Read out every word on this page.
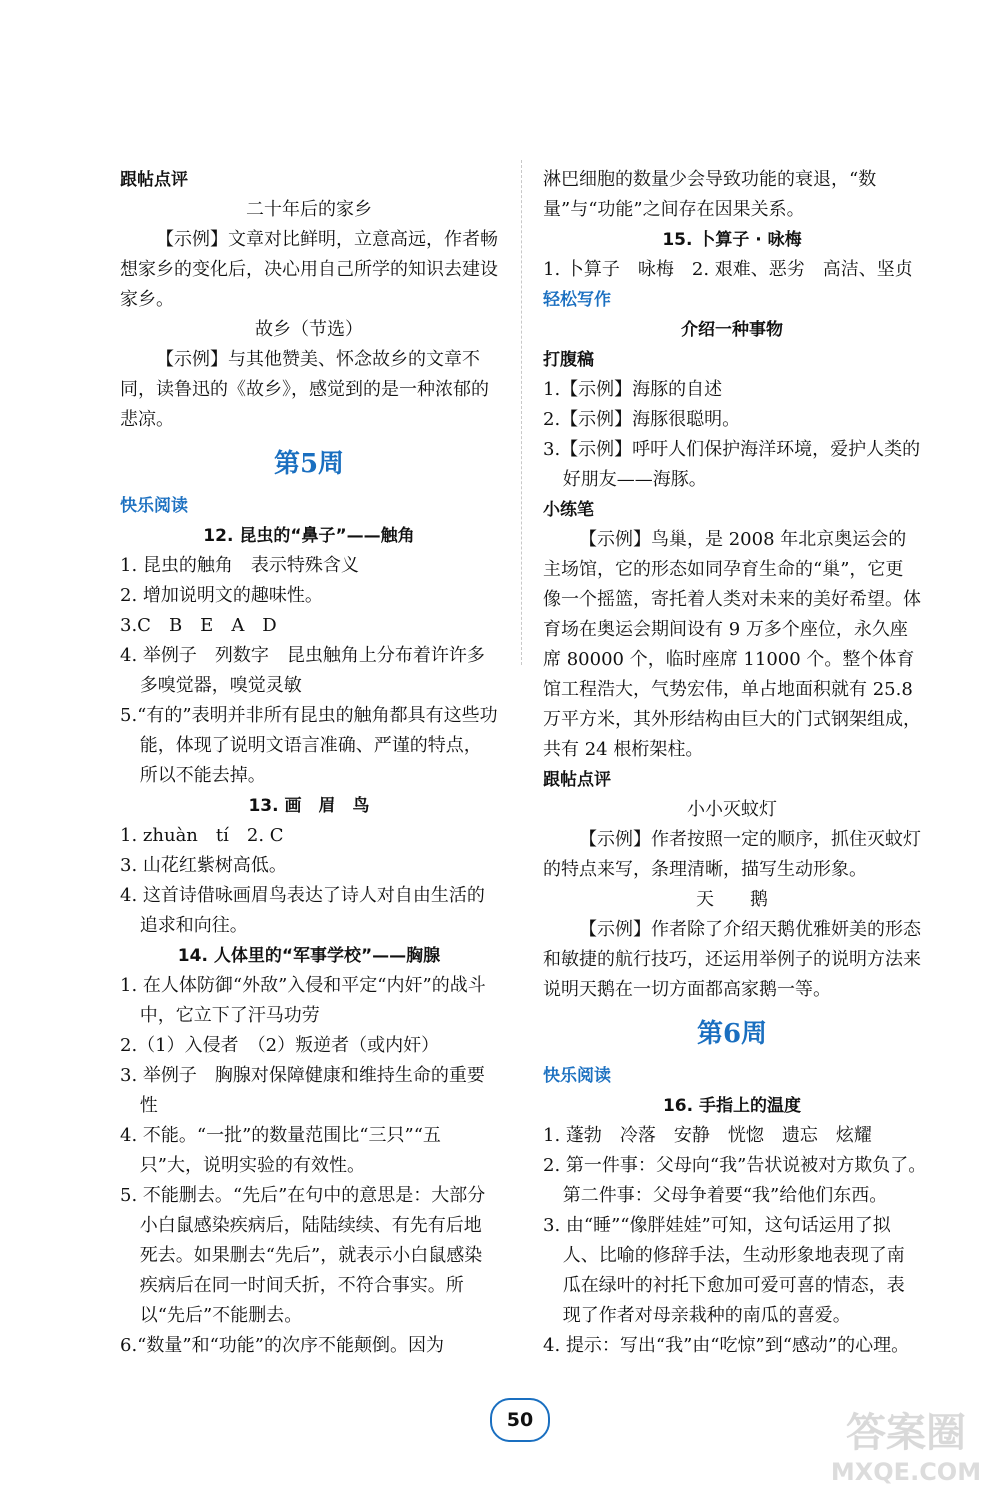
跟帖点评
二十年后的家乡
【示例】文章对比鲜明，立意高远，作者畅想家乡的变化后，决心用自己所学的知识去建设家乡。
故乡（节选）
【示例】与其他赞美、怀念故乡的文章不同，读鲁迅的《故乡》，感觉到的是一种浓郁的悲凉。
第5周
快乐阅读
12. 昆虫的“鼻子”——触角
1. 昆虫的触角　表示特殊含义
2. 增加说明文的趣味性。
3.C　B　E　A　D
4. 举例子　列数字　昆虫触角上分布着许许多多嗅觉器，嗅觉灵敏
5.“有的”表明并非所有昆虫的触角都具有这些功能，体现了说明文语言准确、严谨的特点，所以不能去掉。
13. 画　眉　鸟
1. zhuàn　tí　2. C
3. 山花红紫树高低。
4. 这首诗借咏画眉鸟表达了诗人对自由生活的追求和向往。
14. 人体里的“军事学校”——胸腺
1. 在人体防御“外敌”入侵和平定“内奸”的战斗中，它立下了汗马功劳
2.（1）入侵者　（2）叛逆者（或内奸）
3. 举例子　胸腺对保障健康和维持生命的重要性
4. 不能。“一批”的数量范围比“三只”“五只”大，说明实验的有效性。
5. 不能删去。“先后”在句中的意思是：大部分小白鼠感染疾病后，陆陆续续、有先有后地死去。如果删去“先后”，就表示小白鼠感染疾病后在同一时间夭折，不符合事实。所以“先后”不能删去。
6.“数量”和“功能”的次序不能颠倒。因为
淋巴细胞的数量少会导致功能的衰退，“数量”与“功能”之间存在因果关系。
15. 卜算子 · 咏梅
1. 卜算子　咏梅　2. 艰难、恶劣　高洁、坚贞
轻松写作
介绍一种事物
打腹稿
1.【示例】海豚的自述
2.【示例】海豚很聪明。
3.【示例】呼吁人们保护海洋环境，爱护人类的好朋友——海豚。
小练笔
【示例】鸟巢，是 2008 年北京奥运会的主场馆，它的形态如同孕育生命的“巢”，它更像一个摇篮，寄托着人类对未来的美好希望。体育场在奥运会期间设有 9 万多个座位，永久座席 80000 个，临时座席 11000 个。整个体育馆工程浩大，气势宏伟，单占地面积就有 25.8 万平方米，其外形结构由巨大的门式钢架组成，共有 24 根桁架柱。
跟帖点评
小小灭蚊灯
【示例】作者按照一定的顺序，抓住灭蚊灯的特点来写，条理清晰，描写生动形象。
天　　鹅
【示例】作者除了介绍天鹅优雅妍美的形态和敏捷的航行技巧，还运用举例子的说明方法来说明天鹅在一切方面都高家鹅一等。
第6周
快乐阅读
16. 手指上的温度
1. 蓬勃　冷落　安静　恍惚　遗忘　炫耀
2. 第一件事：父母向“我”告状说被对方欺负了。
第二件事：父母争着要“我”给他们东西。
3. 由“睡”“像胖娃娃”可知，这句话运用了拟人、比喻的修辞手法，生动形象地表现了南瓜在绿叶的衬托下愈加可爱可喜的情态，表现了作者对母亲栽种的南瓜的喜爱。
4. 提示：写出“我”由“吃惊”到“感动”的心理。
50	答案圈
MXQE.COM
